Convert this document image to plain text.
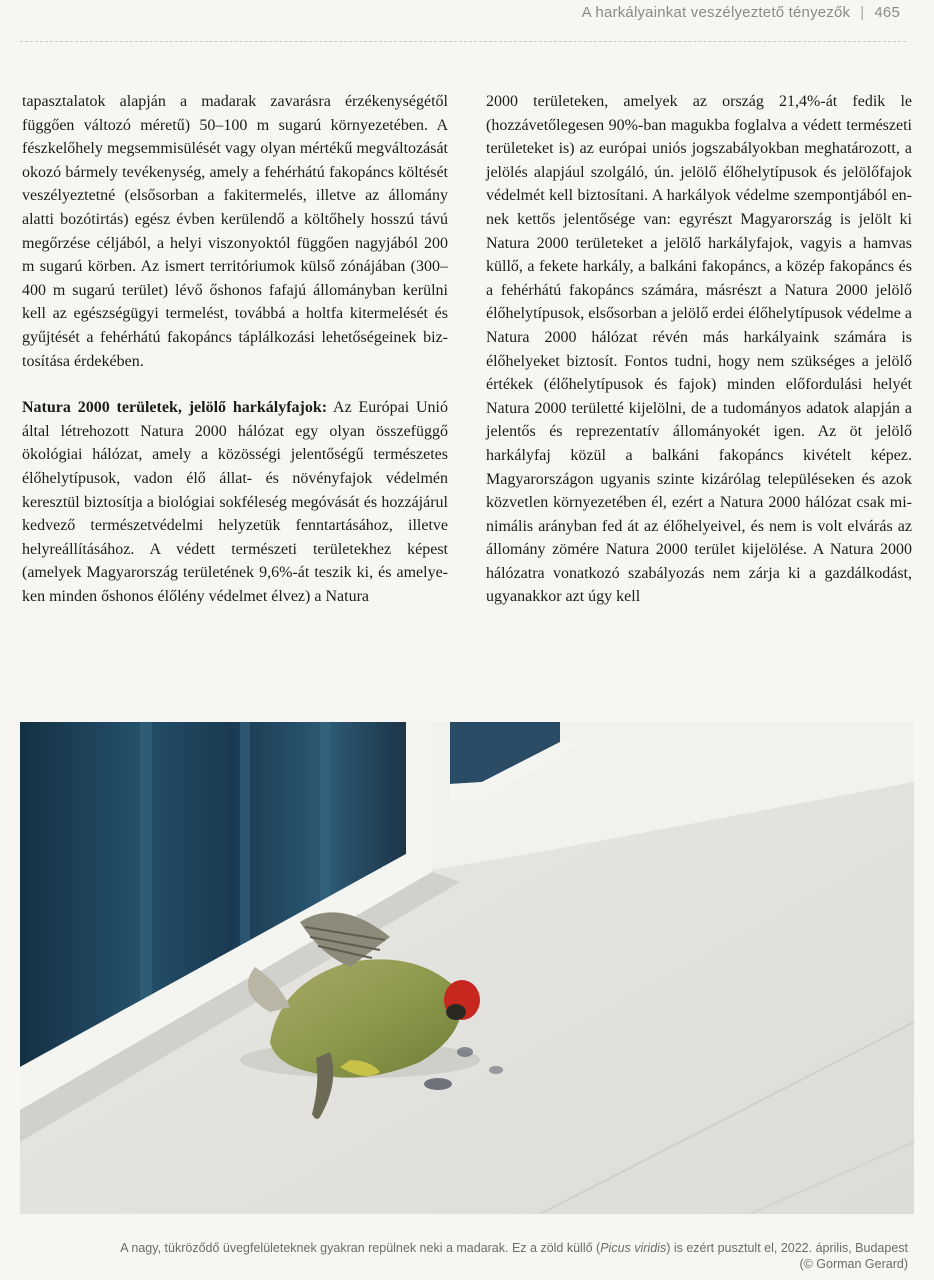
A harkályainkat veszélyeztető tényezők | 465

tapasztalatok alapján a madarak zavarásra érzékenységétől függően változó méretű) 50–100 m sugarú környezetében. A fészkelőhely megsemmisülését vagy olyan mértékű megváltozását okozó bármely tevékenység, amely a fehérhátú fakopáncs költését veszélyeztetné (elsősorban a fakitermelés, illetve az állomány alatti bozótirtás) egész évben kerülendő a költőhely hosszú távú megőrzése céljából, a helyi viszonyoktól függően nagyjából 200 m sugarú körben. Az ismert territóriumok külső zónájában (300–400 m sugarú terület) lévő őshonos fafajú állományban kerülni kell az egészségügyi termelést, továbbá a holtfa kitermelését és gyűjtését a fehérhátú fakopáncs táplálkozási lehetőségeinek biztosítása érdekében.

Natura 2000 területek, jelölő harkályfajok: Az Európai Unió által létrehozott Natura 2000 hálózat egy olyan összefüggő ökológiai hálózat, amely a közösségi jelentőségű természetes élőhelytípusok, vadon élő állat- és növényfajok védelmén keresztül biztosítja a biológiai sokféleség megóvását és hozzájárul kedvező természetvédelmi helyzetük fenntartásához, illetve helyreállításához. A védett természeti területekhez képest (amelyek Magyarország területének 9,6%-át teszik ki, és amelyeken minden őshonos élőlény védelmet élvez) a Natura

2000 területeken, amelyek az ország 21,4%-át fedik le (hozzávetőlegesen 90%-ban magukba foglalva a védett természeti területeket is) az európai uniós jogszabályokban meghatározott, a jelölés alapjául szolgáló, ún. jelölő élőhelytípusok és jelölőfajok védelmét kell biztosítani. A harkályok védelme szempontjából ennek kettős jelentősége van: egyrészt Magyarország is jelölt ki Natura 2000 területeket a jelölő harkályfajok, vagyis a hamvas küllő, a fekete harkály, a balkáni fakopáncs, a közép fakopáncs és a fehérhátú fakopáncs számára, másrészt a Natura 2000 jelölő élőhelytípusok, elsősorban a jelölő erdei élőhelytípusok védelme a Natura 2000 hálózat révén más harkályaink számára is élőhelyeket biztosít. Fontos tudni, hogy nem szükséges a jelölő értékek (élőhelytípusok és fajok) minden előfordulási helyét Natura 2000 területté kijelölni, de a tudományos adatok alapján a jelentős és reprezentatív állományokét igen. Az öt jelölő harkályfaj közül a balkáni fakopáncs kivételt képez. Magyarországon ugyanis szinte kizárólag településeken és azok közvetlen környezetében él, ezért a Natura 2000 hálózat csak minimális arányban fed át az élőhelyeivel, és nem is volt elvárás az állomány zömére Natura 2000 terület kijelölése. A Natura 2000 hálózatra vonatkozó szabályozás nem zárja ki a gazdálkodást, ugyanakkor azt úgy kell

A nagy, tükröződő üvegfelületeknek gyakran repülnek neki a madarak. Ez a zöld küllő (Picus viridis) is ezért pusztult el, 2022. április, Budapest (© Gorman Gerard)
